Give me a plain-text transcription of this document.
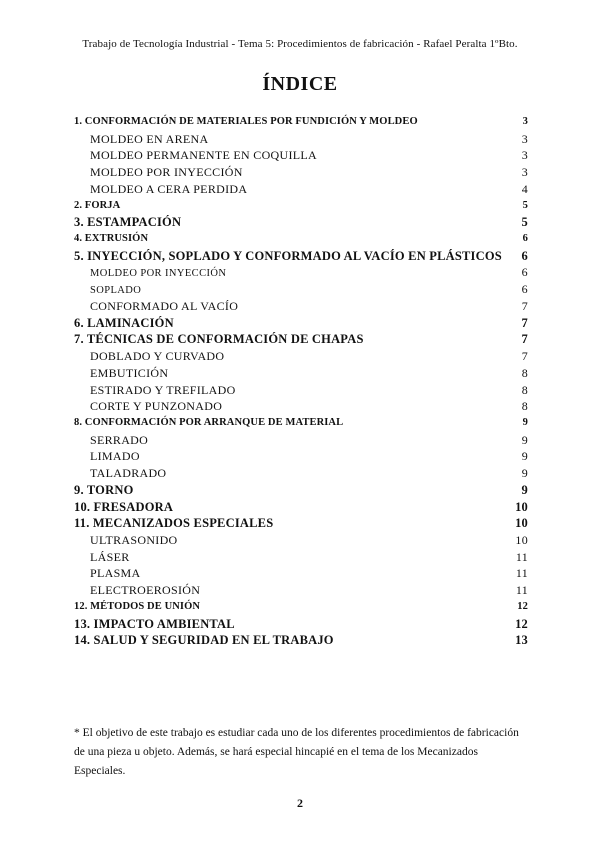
Trabajo de Tecnología Industrial - Tema 5: Procedimientos de fabricación - Rafael Peralta 1ºBto.
ÍNDICE
1. CONFORMACIÓN DE MATERIALES POR FUNDICIÓN Y MOLDEO	3
MOLDEO EN ARENA	3
MOLDEO PERMANENTE EN COQUILLA	3
MOLDEO POR INYECCIÓN	3
MOLDEO A CERA PERDIDA	4
2. FORJA	5
3. ESTAMPACIÓN	5
4. EXTRUSIÓN	6
5. INYECCIÓN, SOPLADO Y CONFORMADO AL VACÍO EN PLÁSTICOS	6
MOLDEO POR INYECCIÓN	6
SOPLADO	6
CONFORMADO AL VACÍO	7
6. LAMINACIÓN	7
7. TÉCNICAS DE CONFORMACIÓN DE CHAPAS	7
DOBLADO Y CURVADO	7
EMBUTICIÓN	8
ESTIRADO Y TREFILADO	8
CORTE Y PUNZONADO	8
8. CONFORMACIÓN POR ARRANQUE DE MATERIAL	9
SERRADO	9
LIMADO	9
TALADRADO	9
9. TORNO	9
10. FRESADORA	10
11. MECANIZADOS ESPECIALES	10
ULTRASONIDO	10
LÁSER	11
PLASMA	11
ELECTROEROSIÓN	11
12. MÉTODOS DE UNIÓN	12
13. IMPACTO AMBIENTAL	12
14. SALUD Y SEGURIDAD EN EL TRABAJO	13
* El objetivo de este trabajo es estudiar cada uno de los diferentes procedimientos de fabricación de una pieza u objeto. Además, se hará especial hincapié en el tema de los Mecanizados Especiales.
2
